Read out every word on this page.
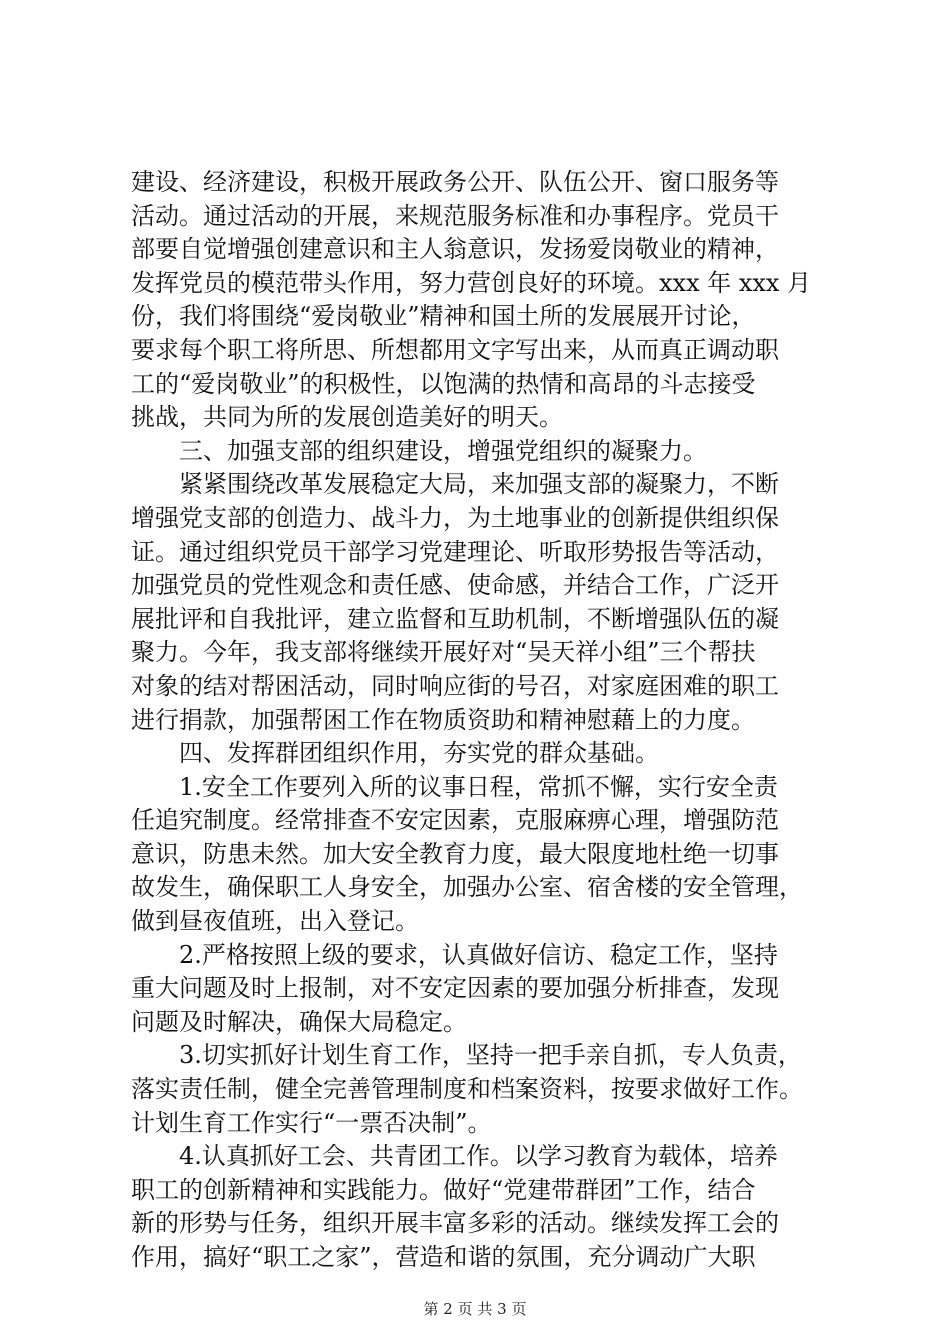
建设、经济建设，积极开展政务公开、队伍公开、窗口服务等
活动。通过活动的开展，来规范服务标准和办事程序。党员干
部要自觉增强创建意识和主人翁意识，发扬爱岗敬业的精神，
发挥党员的模范带头作用，努力营创良好的环境。xxx 年 xxx 月
份，我们将围绕“爱岗敬业”精神和国土所的发展展开讨论，
要求每个职工将所思、所想都用文字写出来，从而真正调动职
工的“爱岗敬业”的积极性，以饱满的热情和高昂的斗志接受
挑战，共同为所的发展创造美好的明天。
三、加强支部的组织建设，增强党组织的凝聚力。
紧紧围绕改革发展稳定大局，来加强支部的凝聚力，不断
增强党支部的创造力、战斗力，为土地事业的创新提供组织保
证。通过组织党员干部学习党建理论、听取形势报告等活动，
加强党员的党性观念和责任感、使命感，并结合工作，广泛开
展批评和自我批评，建立监督和互助机制，不断增强队伍的凝
聚力。今年，我支部将继续开展好对“吴天祥小组”三个帮扶
对象的结对帮困活动，同时响应街的号召，对家庭困难的职工
进行捐款，加强帮困工作在物质资助和精神慰藉上的力度。
四、发挥群团组织作用，夯实党的群众基础。
1.安全工作要列入所的议事日程，常抓不懈，实行安全责
任追究制度。经常排查不安定因素，克服麻痹心理，增强防范
意识，防患未然。加大安全教育力度，最大限度地杜绝一切事
故发生，确保职工人身安全，加强办公室、宿舍楼的安全管理，
做到昼夜值班，出入登记。
2.严格按照上级的要求，认真做好信访、稳定工作，坚持
重大问题及时上报制，对不安定因素的要加强分析排查，发现
问题及时解决，确保大局稳定。
3.切实抓好计划生育工作，坚持一把手亲自抓，专人负责，
落实责任制，健全完善管理制度和档案资料，按要求做好工作。
计划生育工作实行“一票否决制”。
4.认真抓好工会、共青团工作。以学习教育为载体，培养
职工的创新精神和实践能力。做好“党建带群团”工作，结合
新的形势与任务，组织开展丰富多彩的活动。继续发挥工会的
作用，搞好“职工之家”，营造和谐的氛围，充分调动广大职
第 2 页 共 3 页
